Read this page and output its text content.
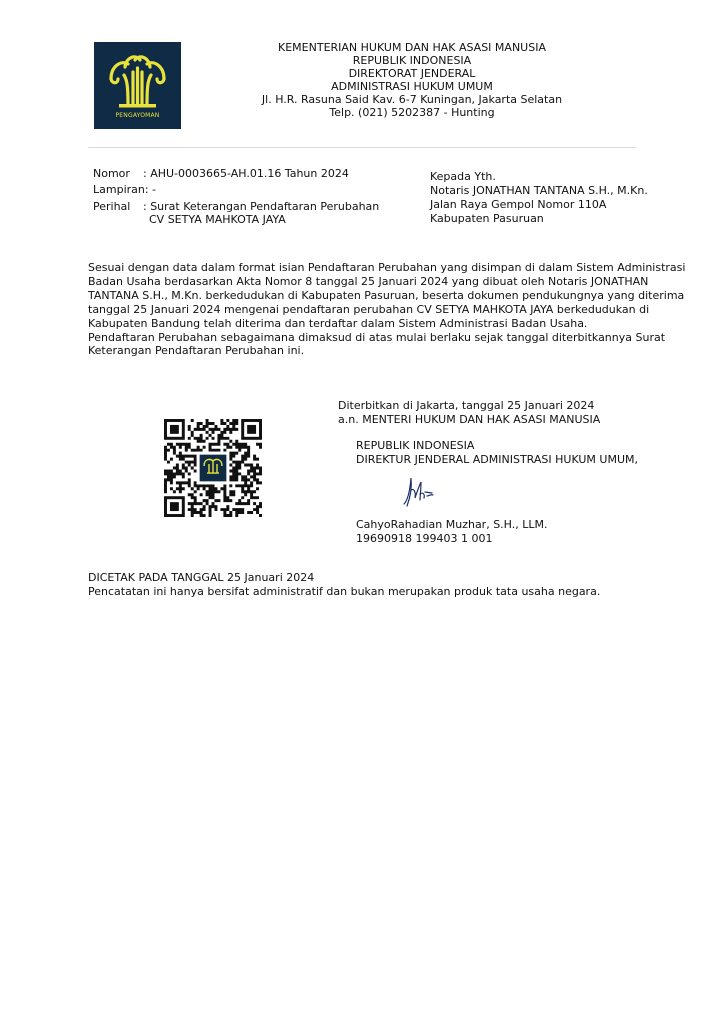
PENGAYOMAN
KEMENTERIAN HUKUM DAN HAK ASASI MANUSIA
REPUBLIK INDONESIA
DIREKTORAT JENDERAL
ADMINISTRASI HUKUM UMUM
Jl. H.R. Rasuna Said Kav. 6-7 Kuningan, Jakarta Selatan
Telp. (021) 5202387 - Hunting
Nomor : AHU-0003665-AH.01.16 Tahun 2024
Lampiran: -
Perihal : Surat Keterangan Pendaftaran Perubahan
CV SETYA MAHKOTA JAYA
Kepada Yth.
Notaris JONATHAN TANTANA S.H., M.Kn.
Jalan Raya Gempol Nomor 110A
Kabupaten Pasuruan

Sesuai dengan data dalam format isian Pendaftaran Perubahan yang disimpan di dalam Sistem Administrasi

Badan Usaha berdasarkan Akta Nomor 8 tanggal 25 Januari 2024 yang dibuat oleh Notaris JONATHAN

TANTANA S.H., M.Kn. berkedudukan di Kabupaten Pasuruan, beserta dokumen pendukungnya yang diterima

tanggal 25 Januari 2024 mengenai pendaftaran perubahan CV SETYA MAHKOTA JAYA berkedudukan di

Kabupaten Bandung telah diterima dan terdaftar dalam Sistem Administrasi Badan Usaha.

Pendaftaran Perubahan sebagaimana dimaksud di atas mulai berlaku sejak tanggal diterbitkannya Surat

Keterangan Pendaftaran Perubahan ini.

Diterbitkan di Jakarta, tanggal 25 Januari 2024
a.n. MENTERI HUKUM DAN HAK ASASI MANUSIA
REPUBLIK INDONESIA
DIREKTUR JENDERAL ADMINISTRASI HUKUM UMUM,
CahyoRahadian Muzhar, S.H., LLM.
19690918 199403 1 001
DICETAK PADA TANGGAL 25 Januari 2024
Pencatatan ini hanya bersifat administratif dan bukan merupakan produk tata usaha negara.
